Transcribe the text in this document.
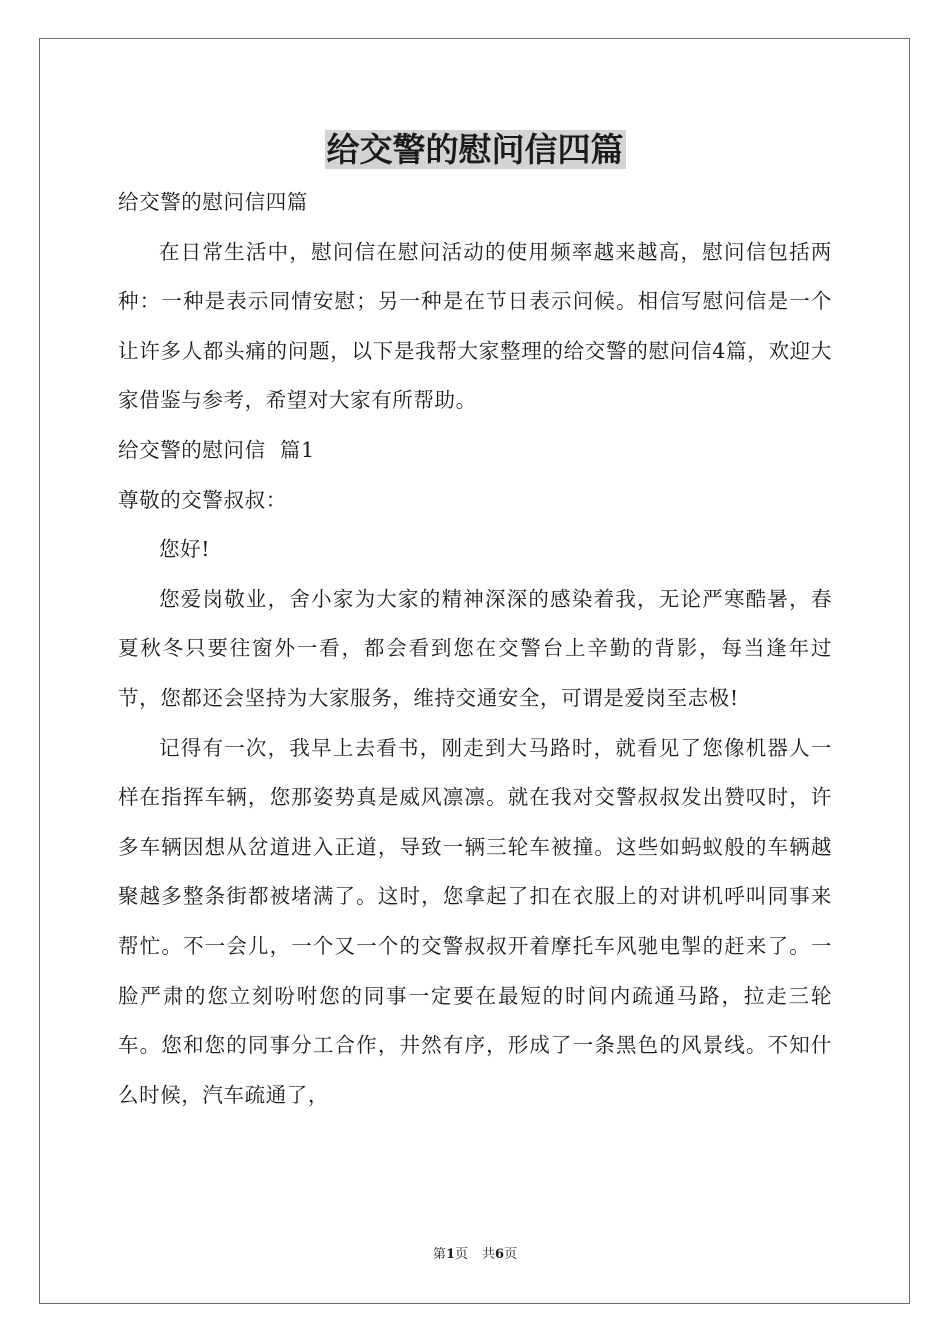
给交警的慰问信四篇

给交警的慰问信四篇

在日常生活中，慰问信在慰问活动的使用频率越来越高，慰问信包括两种：一种是表示同情安慰；另一种是在节日表示问候。相信写慰问信是一个让许多人都头痛的问题，以下是我帮大家整理的给交警的慰问信4篇，欢迎大家借鉴与参考，希望对大家有所帮助。

给交警的慰问信  篇1

尊敬的交警叔叔：

您好!

您爱岗敬业，舍小家为大家的精神深深的感染着我，无论严寒酷暑，春夏秋冬只要往窗外一看，都会看到您在交警台上辛勤的背影，每当逢年过节，您都还会坚持为大家服务，维持交通安全，可谓是爱岗至志极!

记得有一次，我早上去看书，刚走到大马路时，就看见了您像机器人一样在指挥车辆，您那姿势真是威风凛凛。就在我对交警叔叔发出赞叹时，许多车辆因想从岔道进入正道，导致一辆三轮车被撞。这些如蚂蚁般的车辆越聚越多整条街都被堵满了。这时，您拿起了扣在衣服上的对讲机呼叫同事来帮忙。不一会儿，一个又一个的交警叔叔开着摩托车风驰电掣的赶来了。一脸严肃的您立刻吩咐您的同事一定要在最短的时间内疏通马路，拉走三轮车。您和您的同事分工合作，井然有序，形成了一条黑色的风景线。不知什么时候，汽车疏通了，

第1页 共6页
